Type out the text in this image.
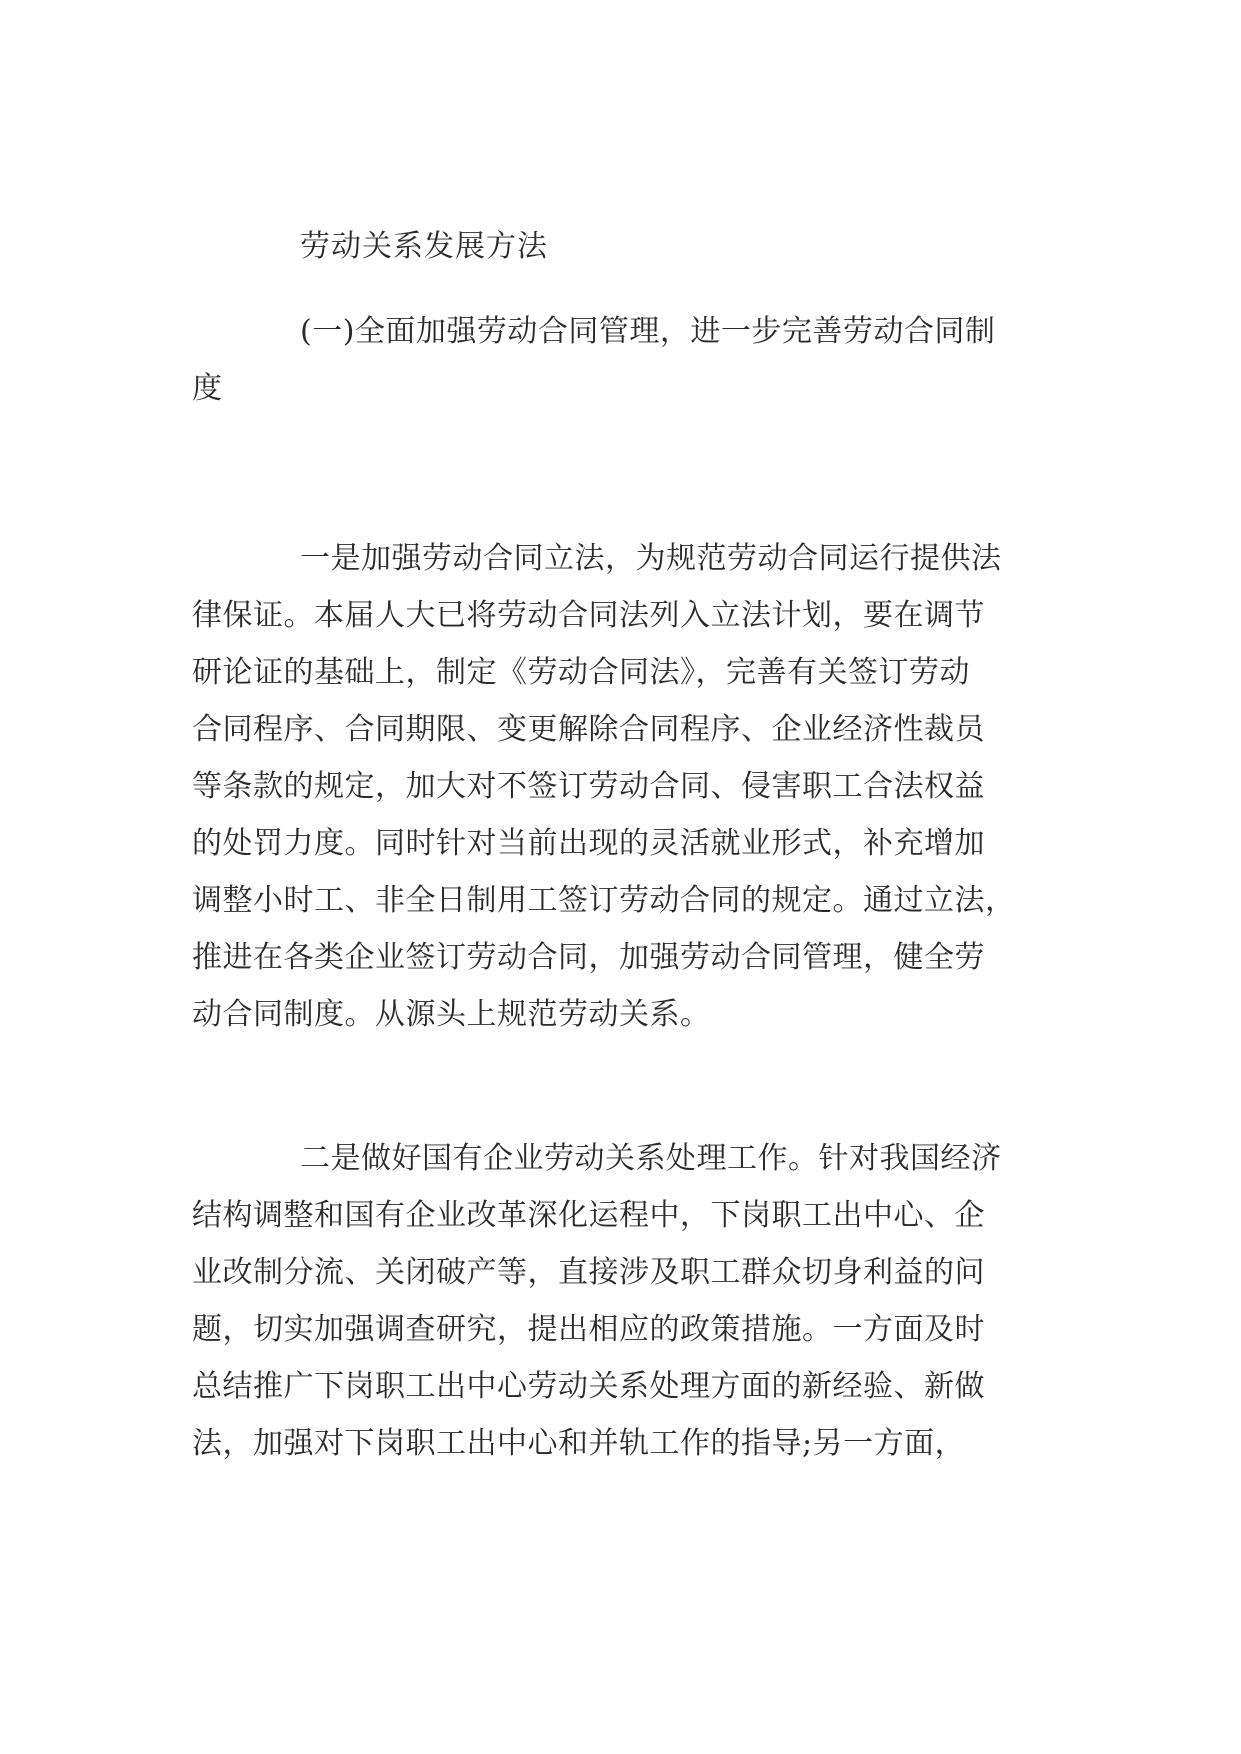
劳动关系发展方法
(一)全面加强劳动合同管理，进一步完善劳动合同制
度
一是加强劳动合同立法，为规范劳动合同运行提供法
律保证。本届人大已将劳动合同法列入立法计划，要在调节
研论证的基础上，制定《劳动合同法》，完善有关签订劳动
合同程序、合同期限、变更解除合同程序、企业经济性裁员
等条款的规定，加大对不签订劳动合同、侵害职工合法权益
的处罚力度。同时针对当前出现的灵活就业形式，补充增加
调整小时工、非全日制用工签订劳动合同的规定。通过立法，
推进在各类企业签订劳动合同，加强劳动合同管理，健全劳
动合同制度。从源头上规范劳动关系。
二是做好国有企业劳动关系处理工作。针对我国经济
结构调整和国有企业改革深化运程中，下岗职工出中心、企
业改制分流、关闭破产等，直接涉及职工群众切身利益的问
题，切实加强调查研究，提出相应的政策措施。一方面及时
总结推广下岗职工出中心劳动关系处理方面的新经验、新做
法，加强对下岗职工出中心和并轨工作的指导;另一方面，
